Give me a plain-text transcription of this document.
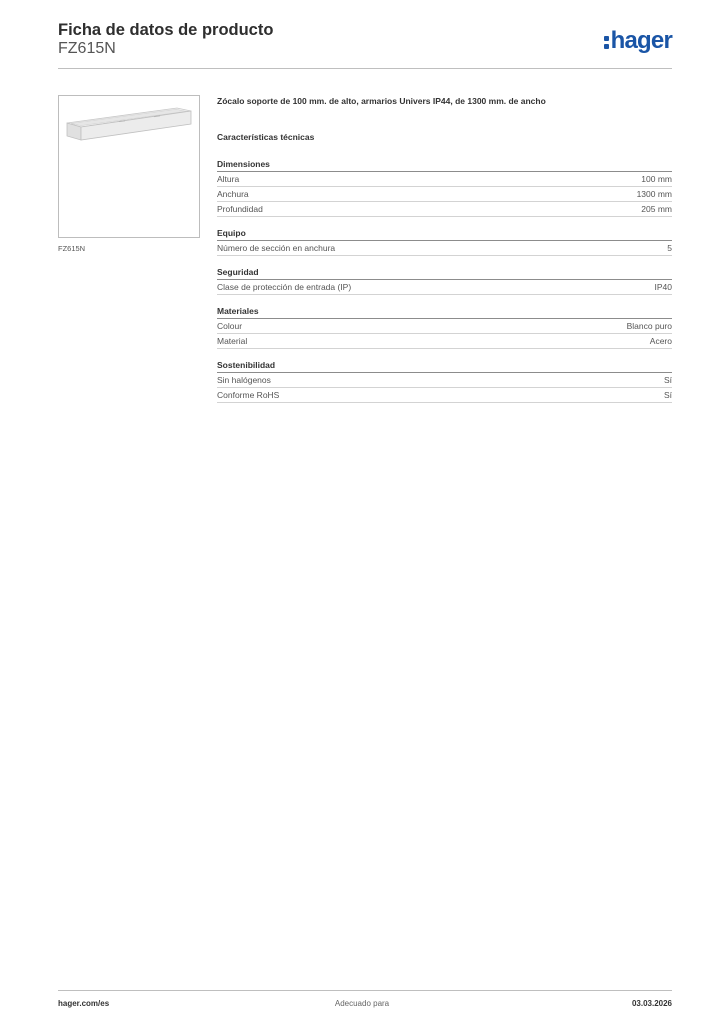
Ficha de datos de producto
FZ615N	hager
FZ615N
Zócalo soporte de 100 mm. de alto, armarios Univers IP44, de 1300 mm. de ancho
Características técnicas
Dimensiones
Altura	100 mm
Anchura	1300 mm
Profundidad	205 mm
Equipo
Número de sección en anchura	5
Seguridad
Clase de protección de entrada (IP)	IP40
Materiales
Colour	Blanco puro
Material	Acero
Sostenibilidad
Sin halógenos	Sí
Conforme RoHS	Sí
hager.com/es	Adecuado para	03.03.2026
